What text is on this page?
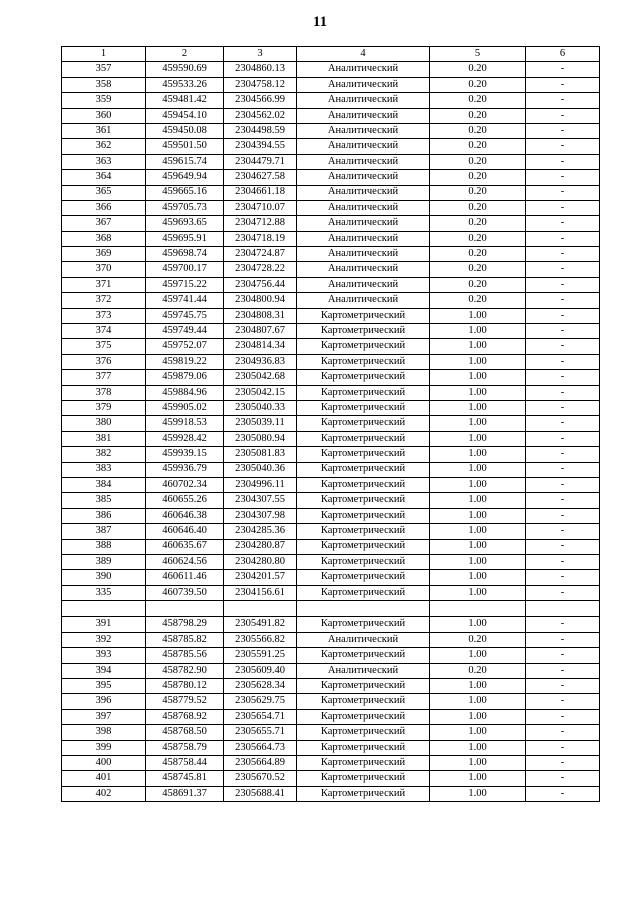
11
1	2	3	4	5	6
357	459590.69	2304860.13	Аналитический	0.20	-
358	459533.26	2304758.12	Аналитический	0.20	-
359	459481.42	2304566.99	Аналитический	0.20	-
360	459454.10	2304562.02	Аналитический	0.20	-
361	459450.08	2304498.59	Аналитический	0.20	-
362	459501.50	2304394.55	Аналитический	0.20	-
363	459615.74	2304479.71	Аналитический	0.20	-
364	459649.94	2304627.58	Аналитический	0.20	-
365	459665.16	2304661.18	Аналитический	0.20	-
366	459705.73	2304710.07	Аналитический	0.20	-
367	459693.65	2304712.88	Аналитический	0.20	-
368	459695.91	2304718.19	Аналитический	0.20	-
369	459698.74	2304724.87	Аналитический	0.20	-
370	459700.17	2304728.22	Аналитический	0.20	-
371	459715.22	2304756.44	Аналитический	0.20	-
372	459741.44	2304800.94	Аналитический	0.20	-
373	459745.75	2304808.31	Картометрический	1.00	-
374	459749.44	2304807.67	Картометрический	1.00	-
375	459752.07	2304814.34	Картометрический	1.00	-
376	459819.22	2304936.83	Картометрический	1.00	-
377	459879.06	2305042.68	Картометрический	1.00	-
378	459884.96	2305042.15	Картометрический	1.00	-
379	459905.02	2305040.33	Картометрический	1.00	-
380	459918.53	2305039.11	Картометрический	1.00	-
381	459928.42	2305080.94	Картометрический	1.00	-
382	459939.15	2305081.83	Картометрический	1.00	-
383	459936.79	2305040.36	Картометрический	1.00	-
384	460702.34	2304996.11	Картометрический	1.00	-
385	460655.26	2304307.55	Картометрический	1.00	-
386	460646.38	2304307.98	Картометрический	1.00	-
387	460646.40	2304285.36	Картометрический	1.00	-
388	460635.67	2304280.87	Картометрический	1.00	-
389	460624.56	2304280.80	Картометрический	1.00	-
390	460611.46	2304201.57	Картометрический	1.00	-
335	460739.50	2304156.61	Картометрический	1.00	-

391	458798.29	2305491.82	Картометрический	1.00	-
392	458785.82	2305566.82	Аналитический	0.20	-
393	458785.56	2305591.25	Картометрический	1.00	-
394	458782.90	2305609.40	Аналитический	0.20	-
395	458780.12	2305628.34	Картометрический	1.00	-
396	458779.52	2305629.75	Картометрический	1.00	-
397	458768.92	2305654.71	Картометрический	1.00	-
398	458768.50	2305655.71	Картометрический	1.00	-
399	458758.79	2305664.73	Картометрический	1.00	-
400	458758.44	2305664.89	Картометрический	1.00	-
401	458745.81	2305670.52	Картометрический	1.00	-
402	458691.37	2305688.41	Картометрический	1.00	-
